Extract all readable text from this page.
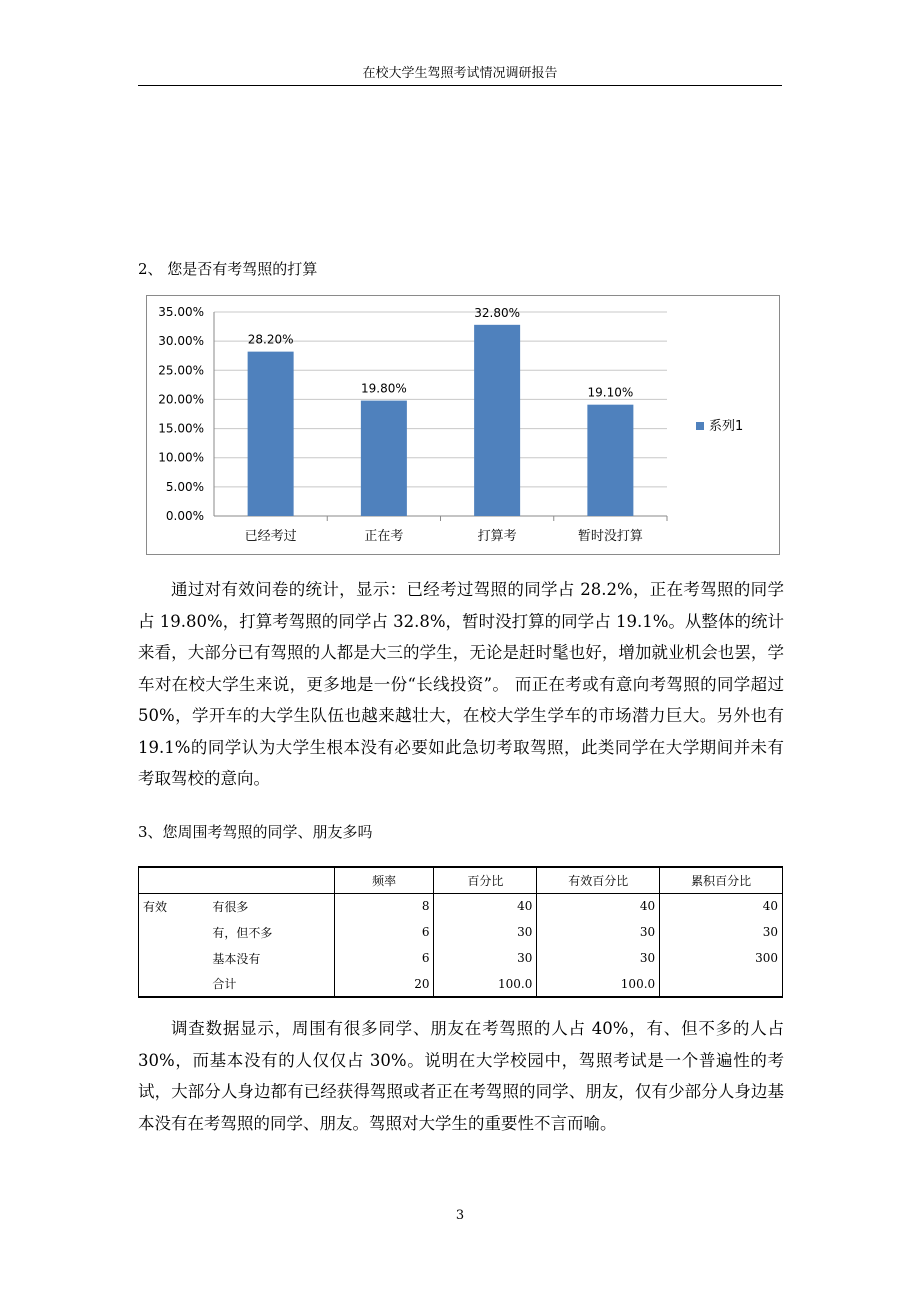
在校大学生驾照考试情况调研报告
2、 您是否有考驾照的打算
0.00%
5.00%
10.00%
15.00%
20.00%
25.00%
30.00%
35.00%
28.20%
已经考过
19.80%
正在考
32.80%
打算考
19.10%
暂时没打算
系列1

通过对有效问卷的统计，显示：已经考过驾照的同学占 28.2%，正在考驾照的同学占 19.80%，打算考驾照的同学占 32.8%，暂时没打算的同学占 19.1%。从整体的统计来看，大部分已有驾照的人都是大三的学生，无论是赶时髦也好，增加就业机会也罢，学车对在校大学生来说，更多地是一份“长线投资”。 而正在考或有意向考驾照的同学超过 50%，学开车的大学生队伍也越来越壮大，在校大学生学车的市场潜力巨大。另外也有 19.1%的同学认为大学生根本没有必要如此急切考取驾照，此类同学在大学期间并未有考取驾校的意向。

3、您周围考驾照的同学、朋友多吗
		频率	百分比	有效百分比	累积百分比
有效	有很多	8	40	40	40
	有，但不多	6	30	30	30
	基本没有	6	30	30	300
	合计	20	100.0	100.0	

调查数据显示，周围有很多同学、朋友在考驾照的人占 40%，有、但不多的人占 30%，而基本没有的人仅仅占 30%。说明在大学校园中，驾照考试是一个普遍性的考试，大部分人身边都有已经获得驾照或者正在考驾照的同学、朋友，仅有少部分人身边基本没有在考驾照的同学、朋友。驾照对大学生的重要性不言而喻。

3
